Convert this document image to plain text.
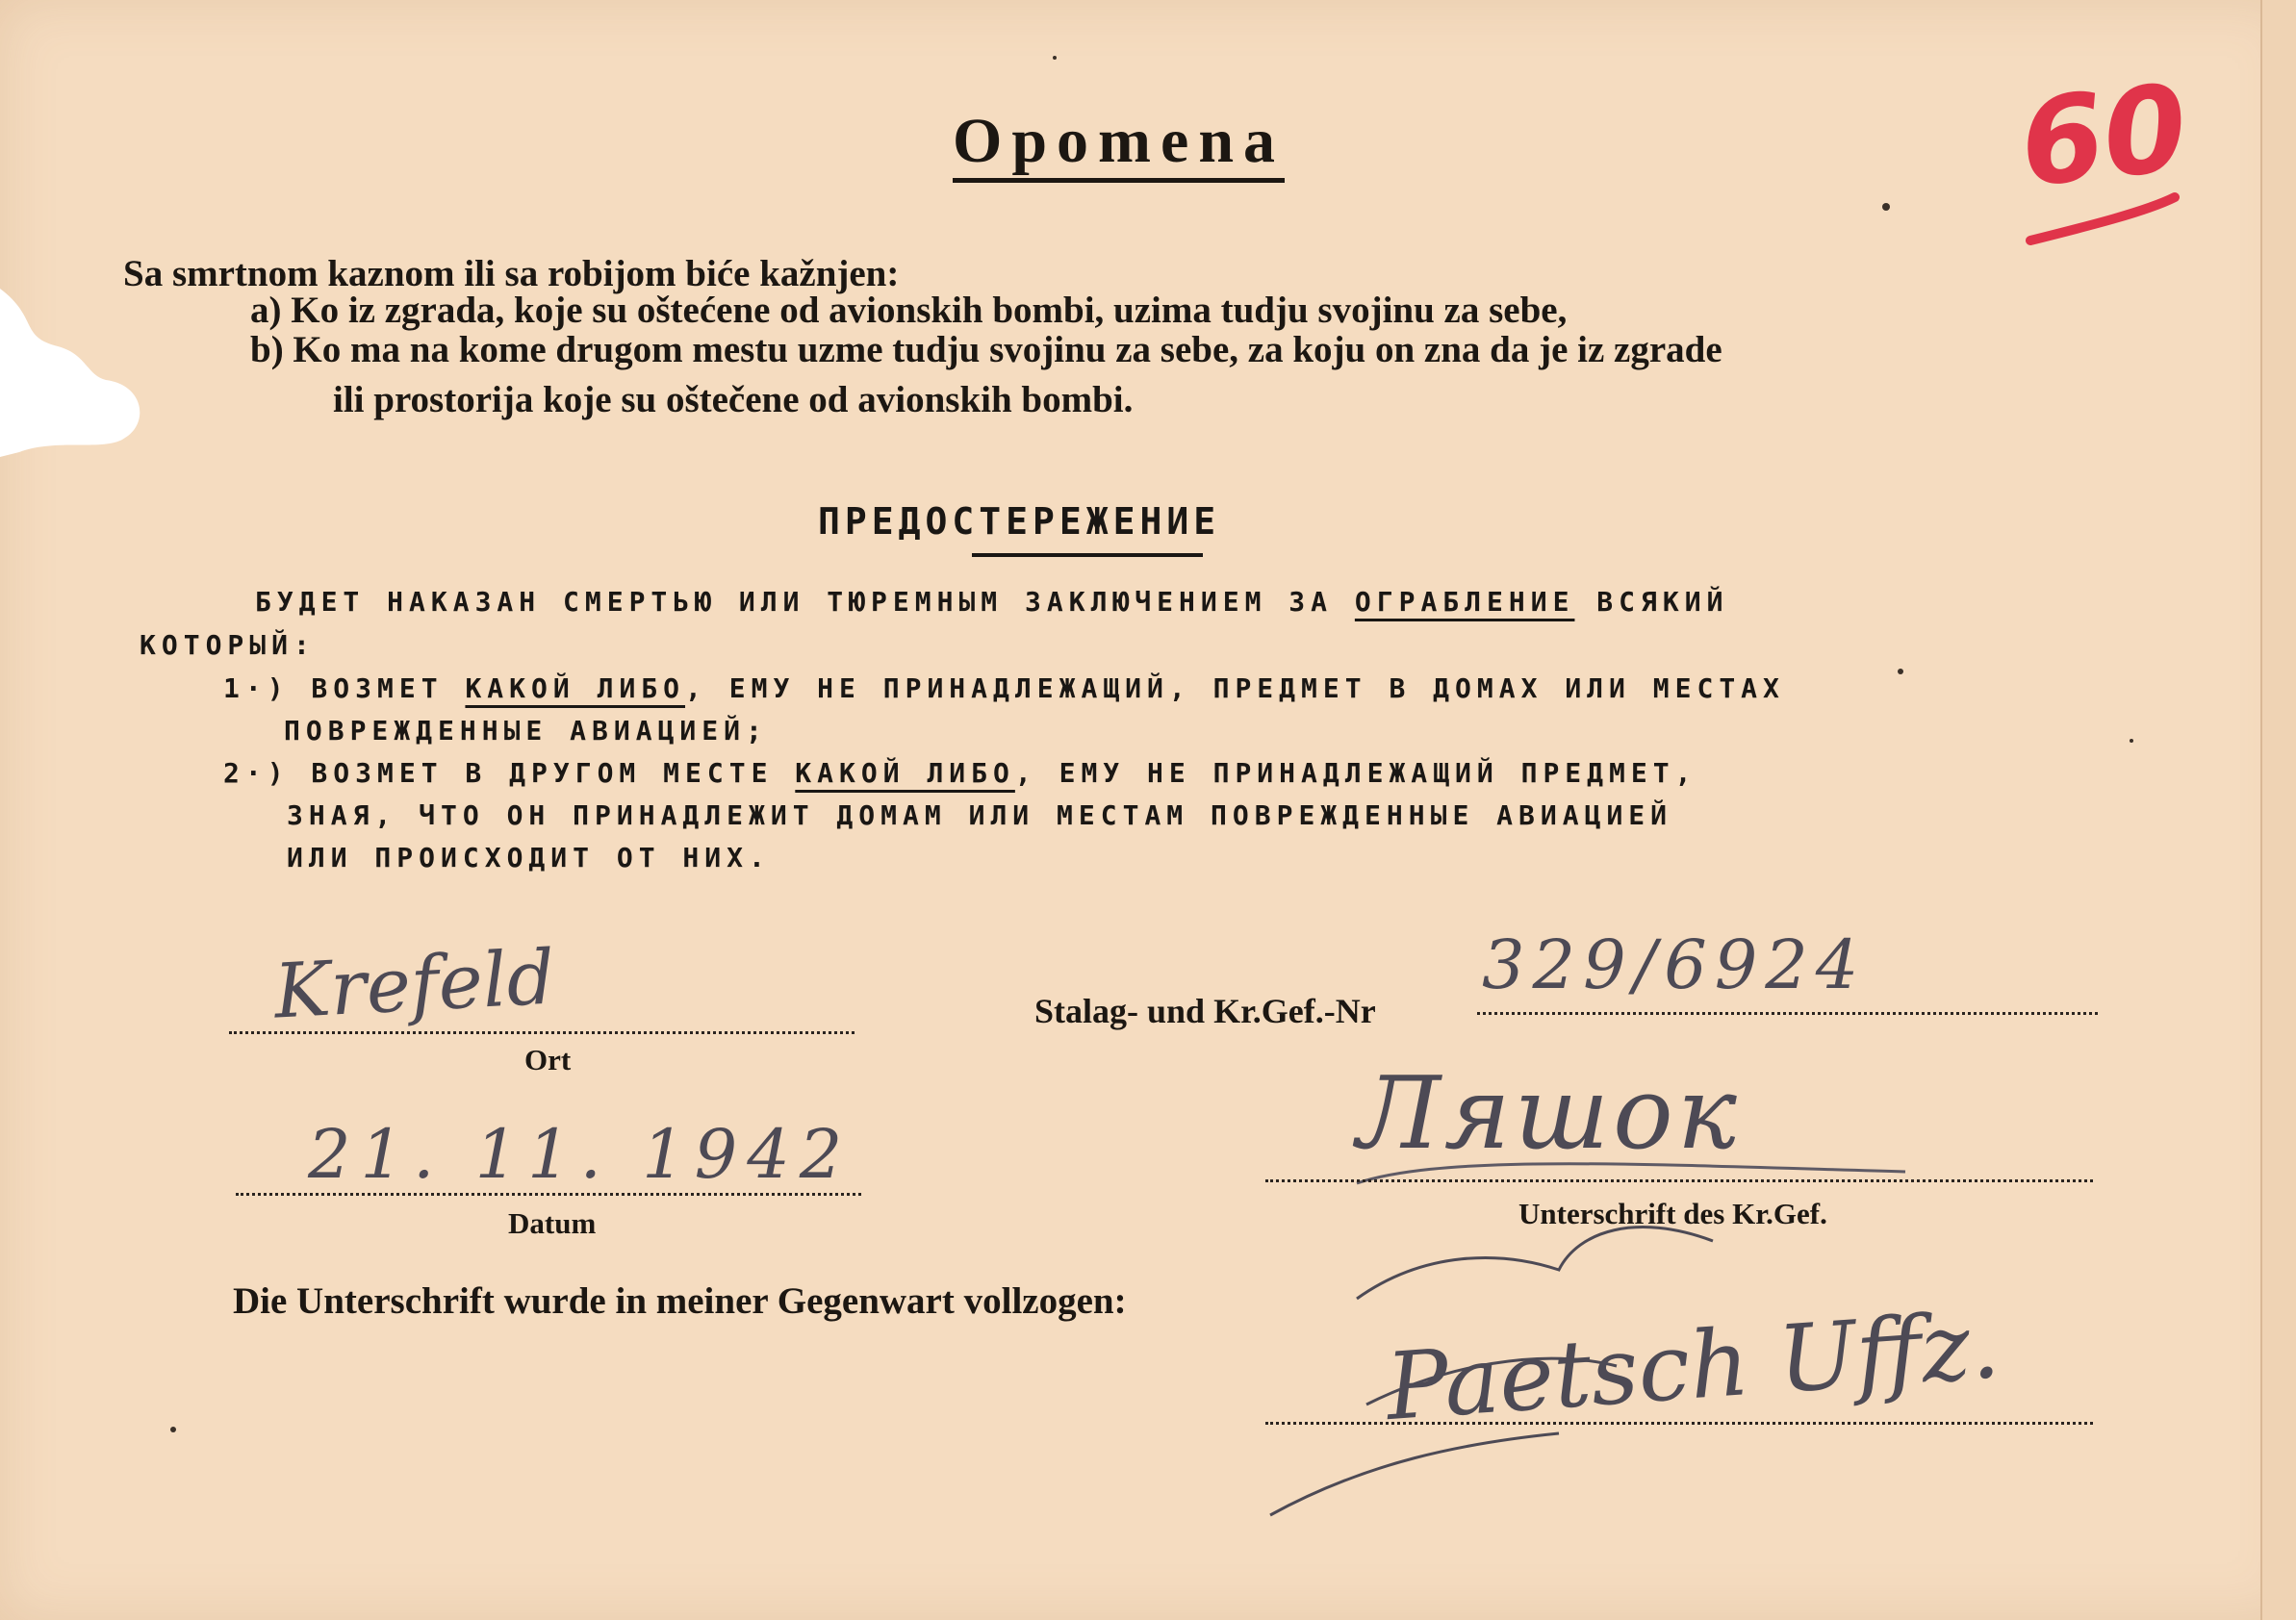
60
Opomena
Sa smrtnom kaznom ili sa robijom biće kažnjen:
a) Ko iz zgrada, koje su oštećene od avionskih bombi, uzima tudju svojinu za sebe,
b) Ko ma na kome drugom mestu uzme tudju svojinu za sebe, za koju on zna da je iz zgrade
ili prostorija koje su oštečene od avionskih bombi.
ПРЕДОСТЕРЕЖЕНИЕ
БУДЕТ НАКАЗАН СМЕРТЬЮ ИЛИ ТЮРЕМНЫМ ЗАКЛЮЧЕНИЕМ ЗА ОГРАБЛЕНИЕ ВСЯКИЙ
КОТОРЫЙ:
1·) ВОЗМЕТ КАКОЙ ЛИБО, ЕМУ НЕ ПРИНАДЛЕЖАЩИЙ, ПРЕДМЕТ В ДОМАХ ИЛИ МЕСТАХ
ПОВРЕЖДЕННЫЕ АВИАЦИЕЙ;
2·) ВОЗМЕТ В ДРУГОМ МЕСТЕ КАКОЙ ЛИБО, ЕМУ НЕ ПРИНАДЛЕЖАЩИЙ ПРЕДМЕТ,
ЗНАЯ, ЧТО ОН ПРИНАДЛЕЖИТ ДОМАМ ИЛИ МЕСТАМ ПОВРЕЖДЕННЫЕ АВИАЦИЕЙ
ИЛИ ПРОИСХОДИТ ОТ НИХ.
Krefeld
Ort
Stalag- und Kr.Gef.-Nr
329/6924
21. 11. 1942
Datum
Ляшок
Unterschrift des Kr.Gef.
Die Unterschrift wurde in meiner Gegenwart vollzogen:	Paetsch Uffz.
